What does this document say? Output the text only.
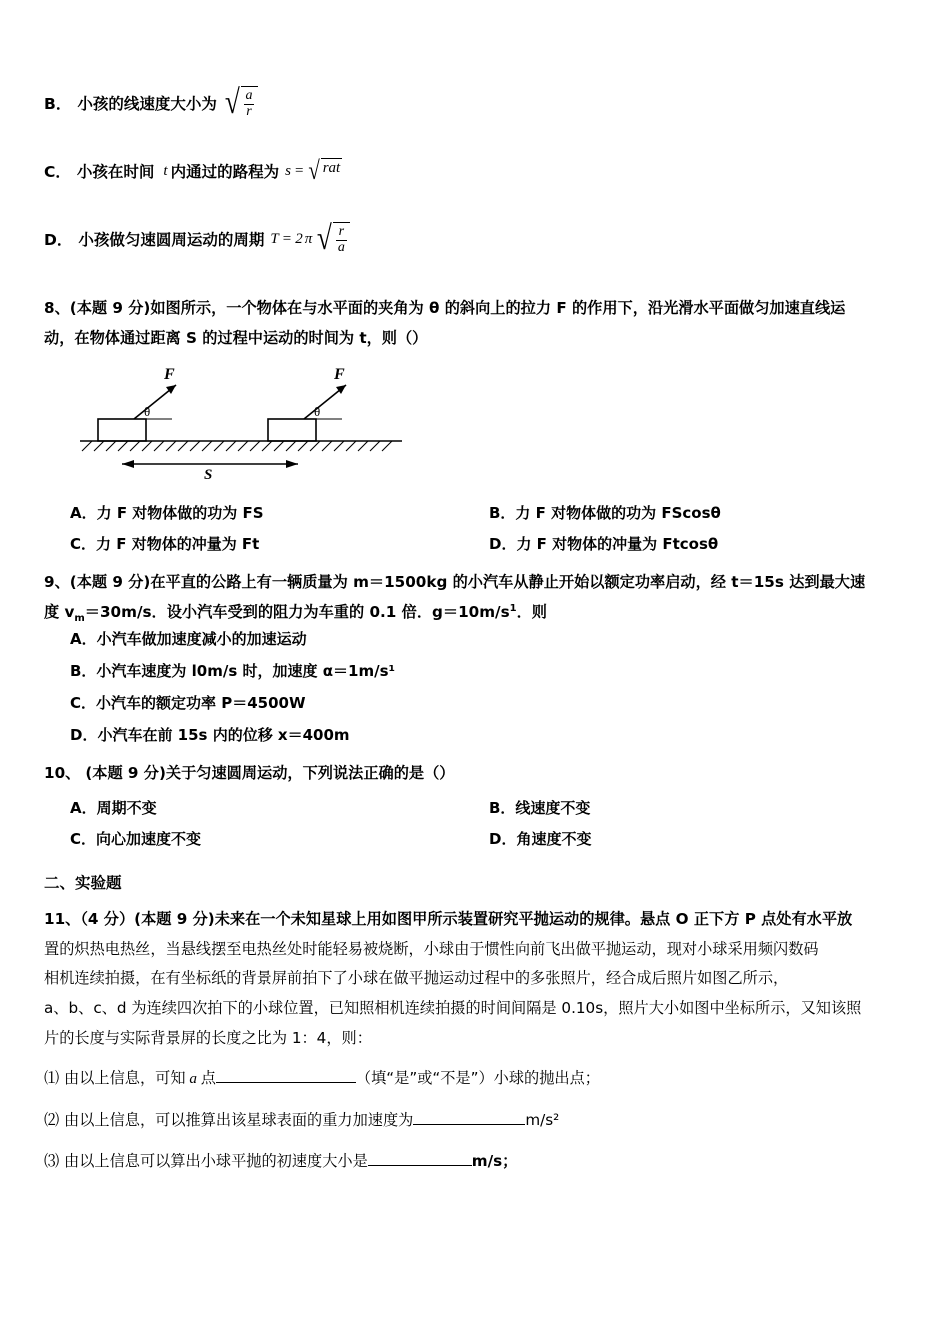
B． 小孩的线速度大小为 √ $\frac{a}{r}$
C． 小孩在时间 t 内通过的路程为 s = √ rat
D． 小孩做匀速圆周运动的周期 T = 2 π √ $\frac{r}{a}$
8、(本题 9 分)如图所示，一个物体在与水平面的夹角为 θ 的斜向上的拉力 F 的作用下，沿光滑水平面做匀加速直线运
动，在物体通过距离 S 的过程中运动的时间为 t，则（）
F
θ
F
θ
S
A．力 F 对物体做的功为 FS	B．力 F 对物体做的功为 FScosθ
C．力 F 对物体的冲量为 Ft	D．力 F 对物体的冲量为 Ftcosθ
9、(本题 9 分)在平直的公路上有一辆质量为 m＝1500kg 的小汽车从静止开始以额定功率启动，经 t＝15s 达到最大速
度 $v_m=30m/s$．设小汽车受到的阻力为车重的 0.1 倍．$g=10m/s^1$．则
A．小汽车做加速度减小的加速运动
B．小汽车速度为 l0m/s 时，加速度 α＝1m/s¹
C．小汽车的额定功率 P＝4500W
D．小汽车在前 15s 内的位移 x＝400m
10、 (本题 9 分)关于匀速圆周运动，下列说法正确的是（）
A．周期不变	B．线速度不变
C．向心加速度不变	D．角速度不变
二、实验题
11、（4 分）(本题 9 分)未来在一个未知星球上用如图甲所示装置研究平抛运动的规律。悬点 O 正下方 P 点处有水平放
置的炽热电热丝，当悬线摆至电热丝处时能轻易被烧断，小球由于惯性向前飞出做平抛运动，现对小球采用频闪数码
相机连续拍摄，在有坐标纸的背景屏前拍下了小球在做平抛运动过程中的多张照片，经合成后照片如图乙所示，
a、b、c、d 为连续四次拍下的小球位置，已知照相机连续拍摄的时间间隔是 0.10s，照片大小如图中坐标所示，又知该照
片的长度与实际背景屏的长度之比为 1：4，则：
⑴ 由以上信息，可知 a 点	（填“是”或“不是”）小球的抛出点；
⑵ 由以上信息，可以推算出该星球表面的重力加速度为	m/s²
⑶ 由以上信息可以算出小球平抛的初速度大小是	m/s；
